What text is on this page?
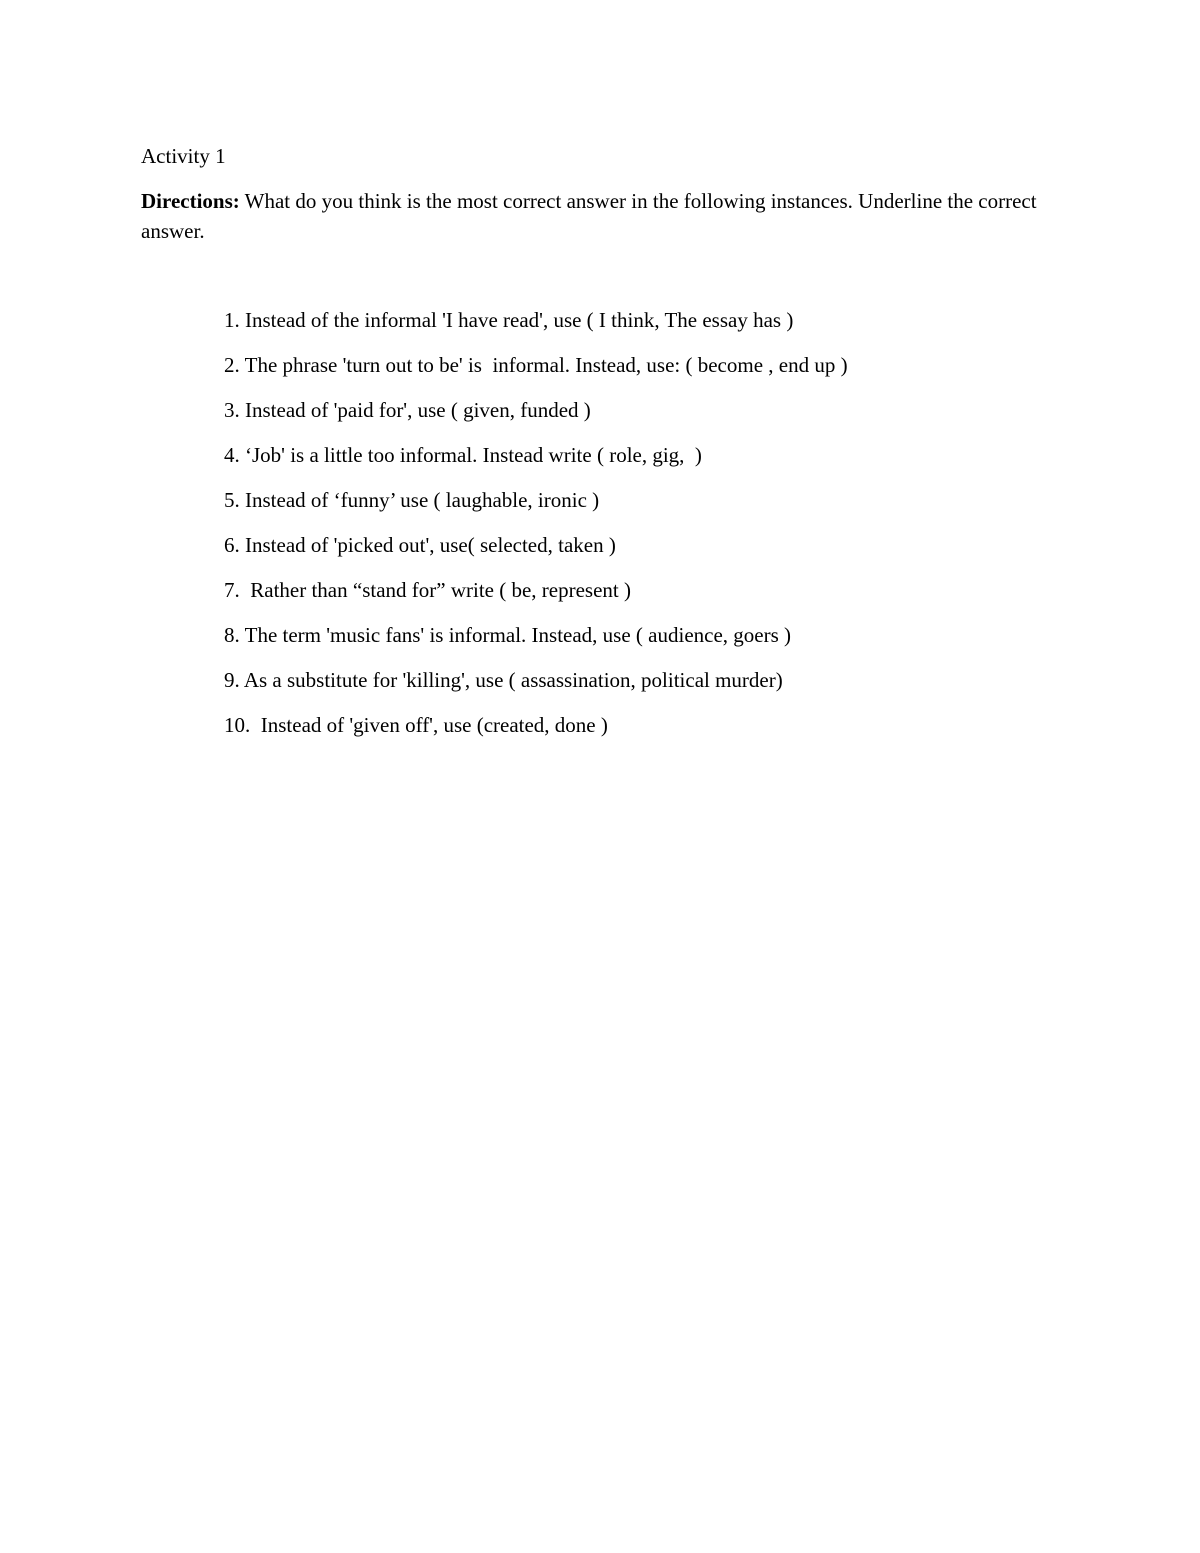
Activity 1
Directions: What do you think is the most correct answer in the following instances. Underline the correct answer.
1. Instead of the informal 'I have read', use ( I think, The essay has )
2. The phrase 'turn out to be' is  informal. Instead, use: ( become , end up )
3. Instead of 'paid for', use ( given, funded )
4. ‘Job' is a little too informal. Instead write ( role, gig,  )
5. Instead of ‘funny’ use ( laughable, ironic )
6. Instead of 'picked out', use( selected, taken )
7.  Rather than “stand for” write ( be, represent )
8. The term 'music fans' is informal. Instead, use ( audience, goers )
9. As a substitute for 'killing', use ( assassination, political murder)
10.  Instead of 'given off', use (created, done )
